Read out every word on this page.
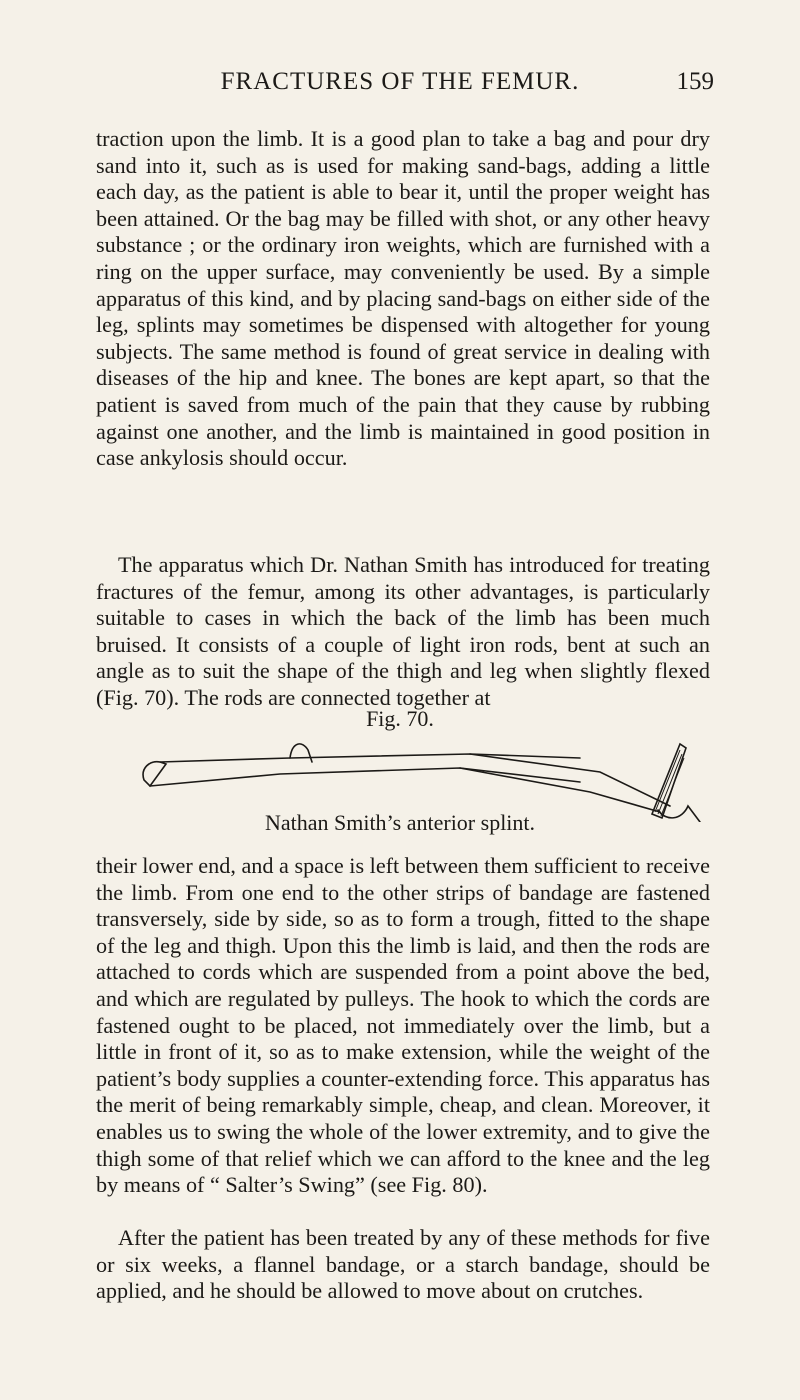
FRACTURES OF THE FEMUR.	159

traction upon the limb. It is a good plan to take a bag and pour dry sand into it, such as is used for making sand-bags, adding a little each day, as the patient is able to bear it, until the proper weight has been attained. Or the bag may be filled with shot, or any other heavy substance ; or the ordinary iron weights, which are furnished with a ring on the upper surface, may conveniently be used. By a simple apparatus of this kind, and by placing sand-bags on either side of the leg, splints may sometimes be dispensed with altogether for young subjects. The same method is found of great service in dealing with diseases of the hip and knee. The bones are kept apart, so that the patient is saved from much of the pain that they cause by rubbing against one another, and the limb is maintained in good position in case ankylosis should occur.

The apparatus which Dr. Nathan Smith has introduced for treating fractures of the femur, among its other advantages, is particularly suitable to cases in which the back of the limb has been much bruised. It consists of a couple of light iron rods, bent at such an angle as to suit the shape of the thigh and leg when slightly flexed (Fig. 70). The rods are connected together at

Fig. 70.
Nathan Smith’s anterior splint.

their lower end, and a space is left between them sufficient to receive the limb. From one end to the other strips of bandage are fastened transversely, side by side, so as to form a trough, fitted to the shape of the leg and thigh. Upon this the limb is laid, and then the rods are attached to cords which are suspended from a point above the bed, and which are regulated by pulleys. The hook to which the cords are fastened ought to be placed, not immediately over the limb, but a little in front of it, so as to make extension, while the weight of the patient’s body supplies a counter-extending force. This apparatus has the merit of being remarkably simple, cheap, and clean. Moreover, it enables us to swing the whole of the lower extremity, and to give the thigh some of that relief which we can afford to the knee and the leg by means of “ Salter’s Swing” (see Fig. 80).

After the patient has been treated by any of these methods for five or six weeks, a flannel bandage, or a starch bandage, should be applied, and he should be allowed to move about on crutches.
